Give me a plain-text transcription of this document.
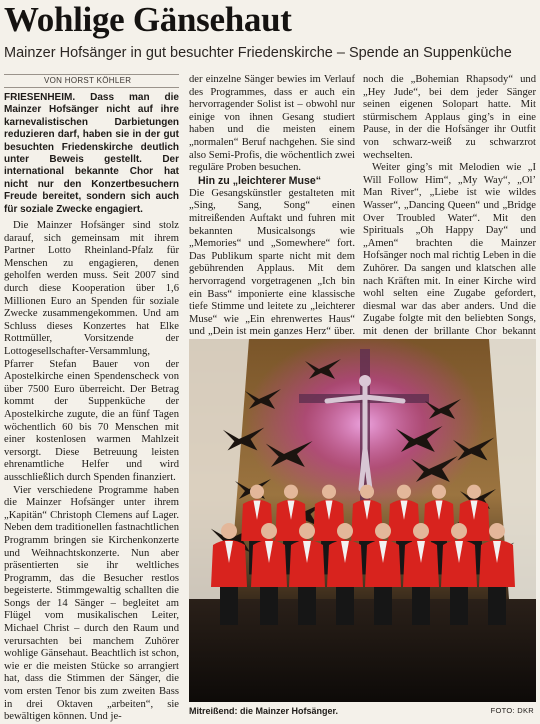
Wohlige Gänsehaut

Mainzer Hofsänger in gut besuchter Friedenskirche – Spende an Suppenküche

VON HORST KÖHLER

FRIESENHEIM. Dass man die Mainzer Hofsänger nicht auf ihre karnevalistischen Darbietungen reduzieren darf, haben sie in der gut besuchten Friedenskirche deutlich unter Beweis gestellt. Der international bekannte Chor hat nicht nur den Konzertbesuchern Freude bereitet, sondern sich auch für soziale Zwecke engagiert.

Die Mainzer Hofsänger sind stolz darauf, sich gemeinsam mit ihrem Partner Lotto Rheinland-Pfalz für Menschen zu engagieren, denen geholfen werden muss. Seit 2007 sind durch diese Kooperation über 1,6 Millionen Euro an Spenden für soziale Zwecke zusammengekommen. Und am Schluss dieses Konzertes hat Elke Rottmüller, Vorsitzende der Lottogesellschafter-Versammlung, Pfarrer Stefan Bauer von der Apostelkirche einen Spendenscheck von über 7500 Euro überreicht. Der Betrag kommt der Suppenküche der Apostelkirche zugute, die an fünf Tagen wöchentlich 60 bis 70 Menschen mit einer kostenlosen warmen Mahlzeit versorgt. Diese Betreuung leisten ehrenamtliche Helfer und wird ausschließlich durch Spenden finanziert.

Vier verschiedene Programme haben die Mainzer Hofsänger unter ihrem „Kapitän“ Christoph Clemens auf Lager. Neben dem traditionellen fastnachtlichen Programm bringen sie Kirchenkonzerte und Weihnachtskonzerte. Nun aber präsentierten sie ihr weltliches Programm, das die Besucher restlos begeisterte. Stimmgewaltig schallten die Songs der 14 Sänger – begleitet am Flügel vom musikalischen Leiter, Michael Christ – durch den Raum und verursachten bei manchem Zuhörer wohlige Gänsehaut. Beachtlich ist schon, wie er die meisten Stücke so arrangiert hat, dass die Stimmen der Sänger, die vom ersten Tenor bis zum zweiten Bass in drei Oktaven „arbeiten“, sie bewältigen können. Und je-

der einzelne Sänger bewies im Verlauf des Programmes, dass er auch ein hervorragender Solist ist – obwohl nur einige von ihnen Gesang studiert haben und die meisten einem „normalen“ Beruf nachgehen. Sie sind also Semi-Profis, die wöchentlich zwei reguläre Proben besuchen.

Hin zu „leichterer Muse“

Die Gesangskünstler gestalteten mit „Sing, Sang, Song“ einen mitreißenden Auftakt und fuhren mit bekannten Musicalsongs wie „Memories“ und „Somewhere“ fort. Das Publikum sparte nicht mit dem gebührenden Applaus. Mit dem hervorragend vorgetragenen „Ich bin ein Bass“ imponierte eine klassische tiefe Stimme und leitete zu „leichterer Muse“ wie „Ein ehrenwertes Haus“ und „Dein ist mein ganzes Herz“ über.

noch die „Bohemian Rhapsody“ und „Hey Jude“, bei dem jeder Sänger seinen eigenen Solopart hatte. Mit stürmischem Applaus ging’s in eine Pause, in der die Hofsänger ihr Outfit von schwarz-weiß zu schwarzrot wechselten.

Weiter ging’s mit Melodien wie „I Will Follow Him“, „My Way“, „Ol’ Man River“, „Liebe ist wie wildes Wasser“, „Dancing Queen“ und „Bridge Over Troubled Water“. Mit den Spirituals „Oh Happy Day“ und „Amen“ brachten die Mainzer Hofsänger noch mal richtig Leben in die Zuhörer. Da sangen und klatschen alle nach Kräften mit. In einer Kirche wird wohl selten eine Zugabe gefordert, diesmal war das aber anders. Und die Zugabe folgte mit den beliebten Songs, mit denen der brillante Chor bekannt

Mitreißend: die Mainzer Hofsänger.	FOTO: DKR
